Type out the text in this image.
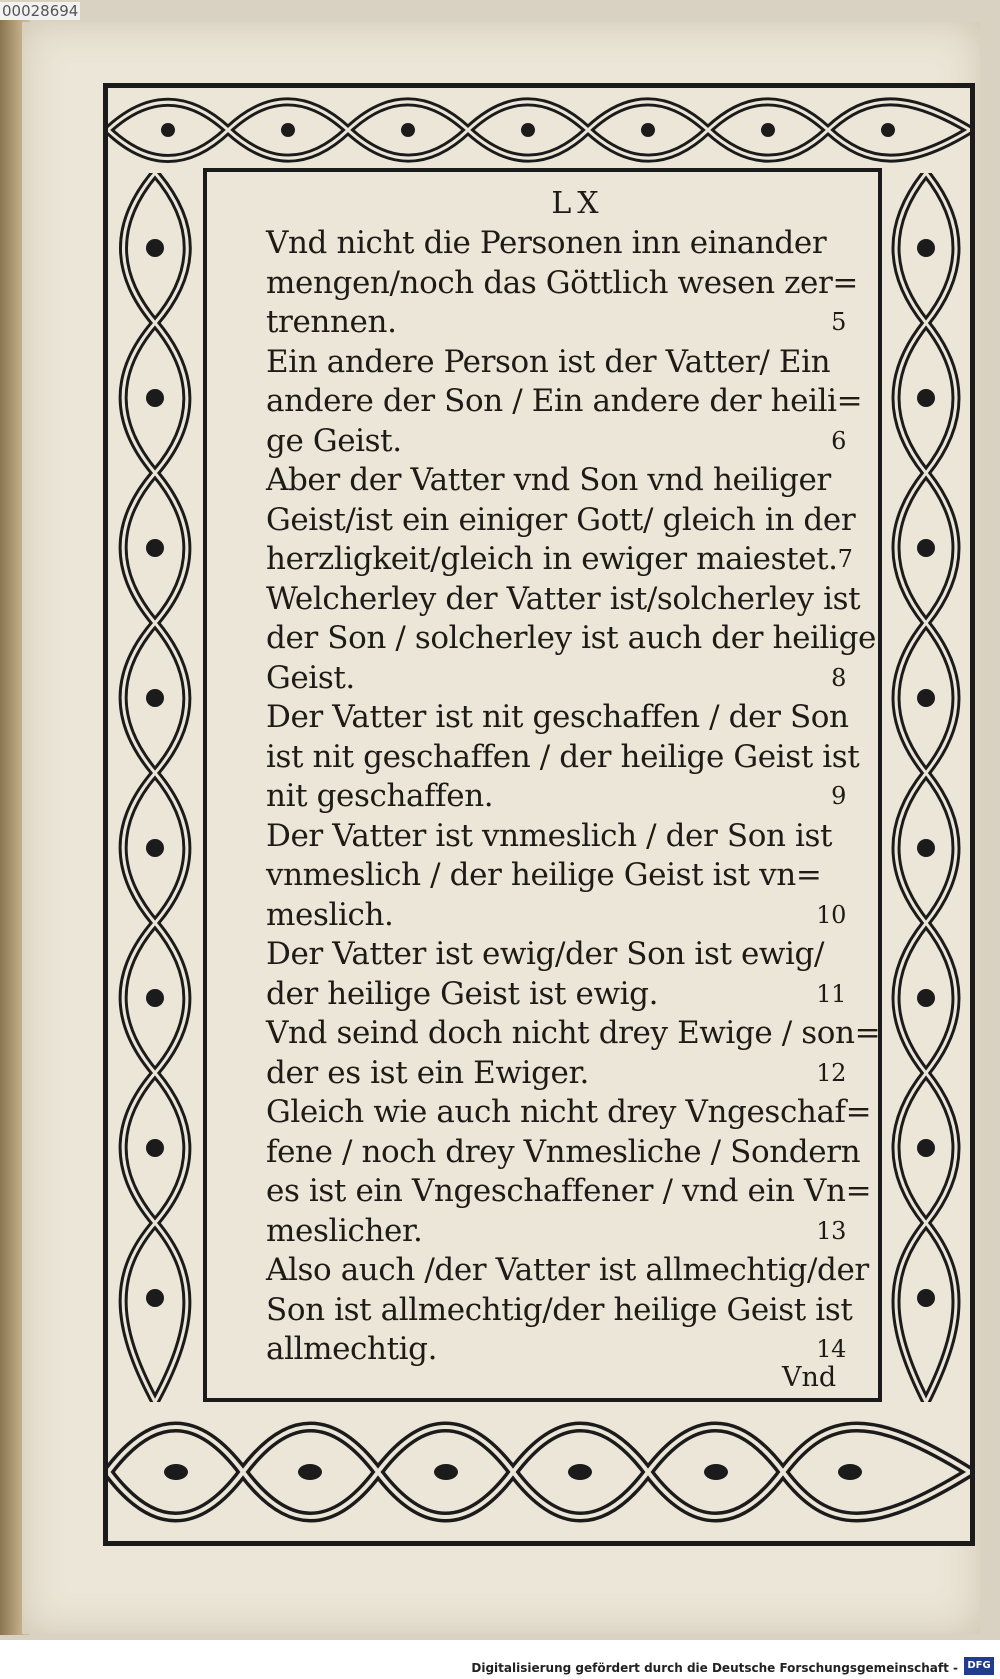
00028694
LX
Vnd nicht die Personen inn einander
mengen/noch das Göttlich wesen zer=
trennen.	5
Ein andere Person ist der Vatter/ Ein
andere der Son / Ein andere der heili=
ge Geist.	6
Aber der Vatter vnd Son vnd heiliger
Geist/ist ein einiger Gott/ gleich in der
herzligkeit/gleich in ewiger maiestet. 7
Welcherley der Vatter ist/solcherley ist
der Son / solcherley ist auch der heilige
Geist.	8
Der Vatter ist nit geschaffen / der Son
ist nit geschaffen / der heilige Geist ist
nit geschaffen.	9
Der Vatter ist vnmeslich / der Son ist
vnmeslich / der heilige Geist ist vn=
meslich.	10
Der Vatter ist ewig/der Son ist ewig/
der heilige Geist ist ewig.	11
Vnd seind doch nicht drey Ewige / son=
der es ist ein Ewiger.	12
Gleich wie auch nicht drey Vngeschaf=
fene / noch drey Vnmesliche / Sondern
es ist ein Vngeschaffener / vnd ein Vn=
meslicher.	13
Also auch /der Vatter ist allmechtig/der
Son ist allmechtig/der heilige Geist ist
allmechtig.	14
Vnd
Digitalisierung gefördert durch die Deutsche Forschungsgemeinschaft - DFG
